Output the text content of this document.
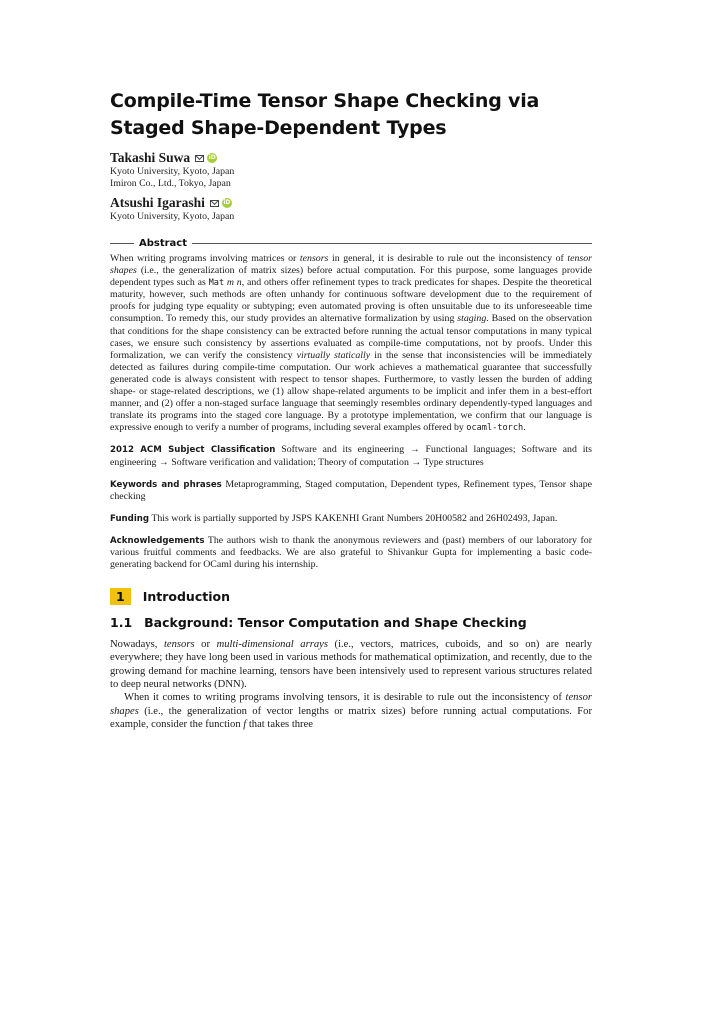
Compile-Time Tensor Shape Checking via Staged Shape-Dependent Types
Takashi Suwa	iD
Kyoto University, Kyoto, Japan
Imiron Co., Ltd., Tokyo, Japan
Atsushi Igarashi	iD
Kyoto University, Kyoto, Japan
Abstract

When writing programs involving matrices or tensors in general, it is desirable to rule out the inconsistency of tensor shapes (i.e., the generalization of matrix sizes) before actual computation. For this purpose, some languages provide dependent types such as Mat m n, and others offer refinement types to track predicates for shapes. Despite the theoretical maturity, however, such methods are often unhandy for continuous software development due to the requirement of proofs for judging type equality or subtyping; even automated proving is often unsuitable due to its unforeseeable time consumption. To remedy this, our study provides an alternative formalization by using staging. Based on the observation that conditions for the shape consistency can be extracted before running the actual tensor computations in many typical cases, we ensure such consistency by assertions evaluated as compile-time computations, not by proofs. Under this formalization, we can verify the consistency virtually statically in the sense that inconsistencies will be immediately detected as failures during compile-time computation. Our work achieves a mathematical guarantee that successfully generated code is always consistent with respect to tensor shapes. Furthermore, to vastly lessen the burden of adding shape- or stage-related descriptions, we (1) allow shape-related arguments to be implicit and infer them in a best-effort manner, and (2) offer a non-staged surface language that seemingly resembles ordinary dependently-typed languages and translate its programs into the staged core language. By a prototype implementation, we confirm that our language is expressive enough to verify a number of programs, including several examples offered by ocaml-torch.

2012 ACM Subject Classification Software and its engineering → Functional languages; Software and its engineering → Software verification and validation; Theory of computation → Type structures
Keywords and phrases Metaprogramming, Staged computation, Dependent types, Refinement types, Tensor shape checking
Funding This work is partially supported by JSPS KAKENHI Grant Numbers 20H00582 and 26H02493, Japan.
Acknowledgements The authors wish to thank the anonymous reviewers and (past) members of our laboratory for various fruitful comments and feedbacks. We are also grateful to Shivankur Gupta for implementing a basic code-generating backend for OCaml during his internship.
1	Introduction
1.1 Background: Tensor Computation and Shape Checking

Nowadays, tensors or multi-dimensional arrays (i.e., vectors, matrices, cuboids, and so on) are nearly everywhere; they have long been used in various methods for mathematical optimization, and recently, due to the growing demand for machine learning, tensors have been intensively used to represent various structures related to deep neural networks (DNN).

When it comes to writing programs involving tensors, it is desirable to rule out the inconsistency of tensor shapes (i.e., the generalization of vector lengths or matrix sizes) before running actual computations. For example, consider the function f that takes three
